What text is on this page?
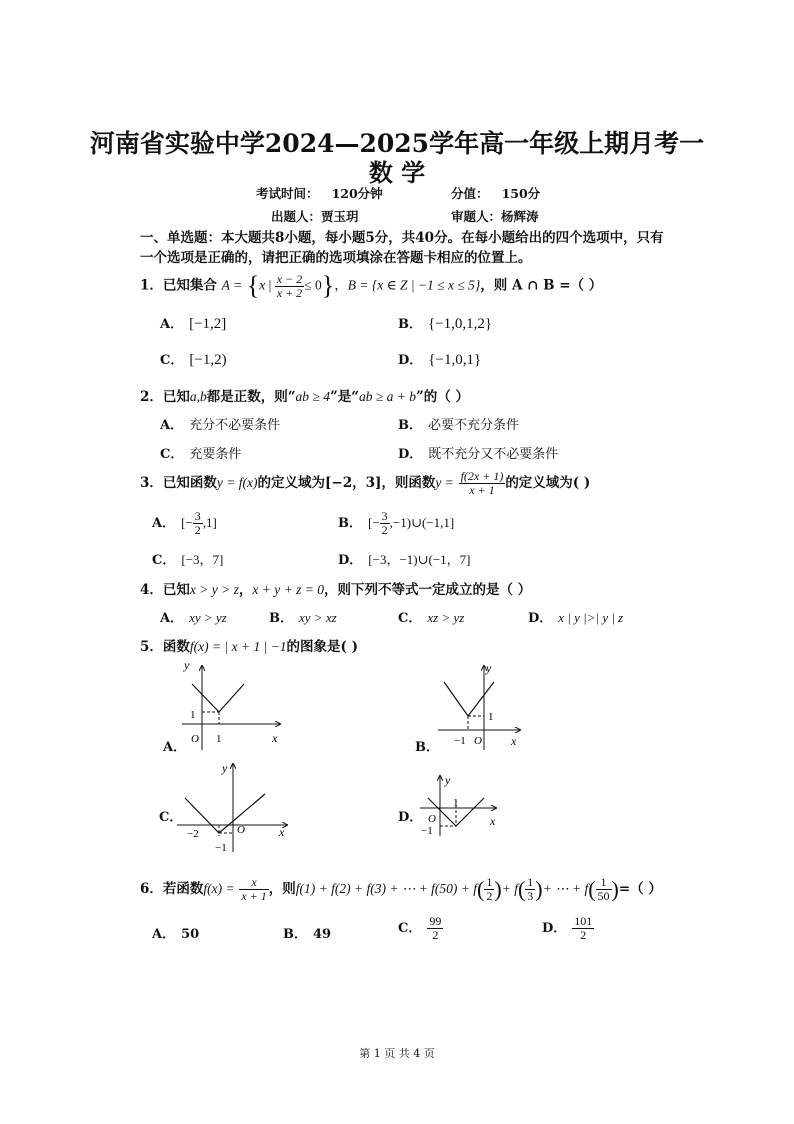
河南省实验中学2024—2025学年高一年级上期月考一
数 学
考试时间： 120分钟	分值： 150分
出题人：贾玉玥	审题人：杨辉涛
一、单选题：本大题共8小题，每小题5分，共40分。在每小题给出的四个选项中，只有
一个选项是正确的，请把正确的选项填涂在答题卡相应的位置上。
1．已知集合 A = {x | $\frac{x - 2}{x + 2} \le 0$}，B = {x ∈ Z | −1 ≤ x ≤ 5}，则 A ∩ B =（ ）
A． [−1,2]	B． {−1,0,1,2}
C． [−1,2)	D． {−1,0,1}
2．已知a,b都是正数，则“ab ≥ 4”是“ab ≥ a + b”的（ ）
A． 充分不必要条件	B． 必要不充分条件
C． 充要条件	D． 既不充分又不必要条件
3．已知函数y = f(x)的定义域为[−2，3]，则函数$y = \frac{f(2x + 1)}{x + 1}$ 的定义域为( )
A． [− $\frac{3}{2} ,1$]	B． [− $\frac{3}{2}$ ,−1)∪(−1,1]
C． [−3，7]	D． [−3，−1)∪(−1，7]
4．已知x > y > z，x + y + z = 0，则下列不等式一定成立的是（ ）
A． xy > yz	B． xy > xz	C． xz > yz	D． x | y |>| y | z
5．函数f(x) = | x + 1 | −1的图象是( )
A．
y
x
1
O 1
B．
y
x
1
−1 O
C．
y
x
−2	O
−1
D．
y
x
1
O
−1
6．若函数$f(x) = \frac{x}{x + 1}$ ，则f(1) + f(2) + f(3) + ⋯ + $f(50) + f( \frac{1}{2}$ )+ $f( \frac{1}{3}$ )+ ⋯ + $f( \frac{1}{50}$ )=（ ）
A． 50	B． 49	C． $\frac{99}{2}$	D． $\frac{101}{2}$
第 1 页 共 4 页
